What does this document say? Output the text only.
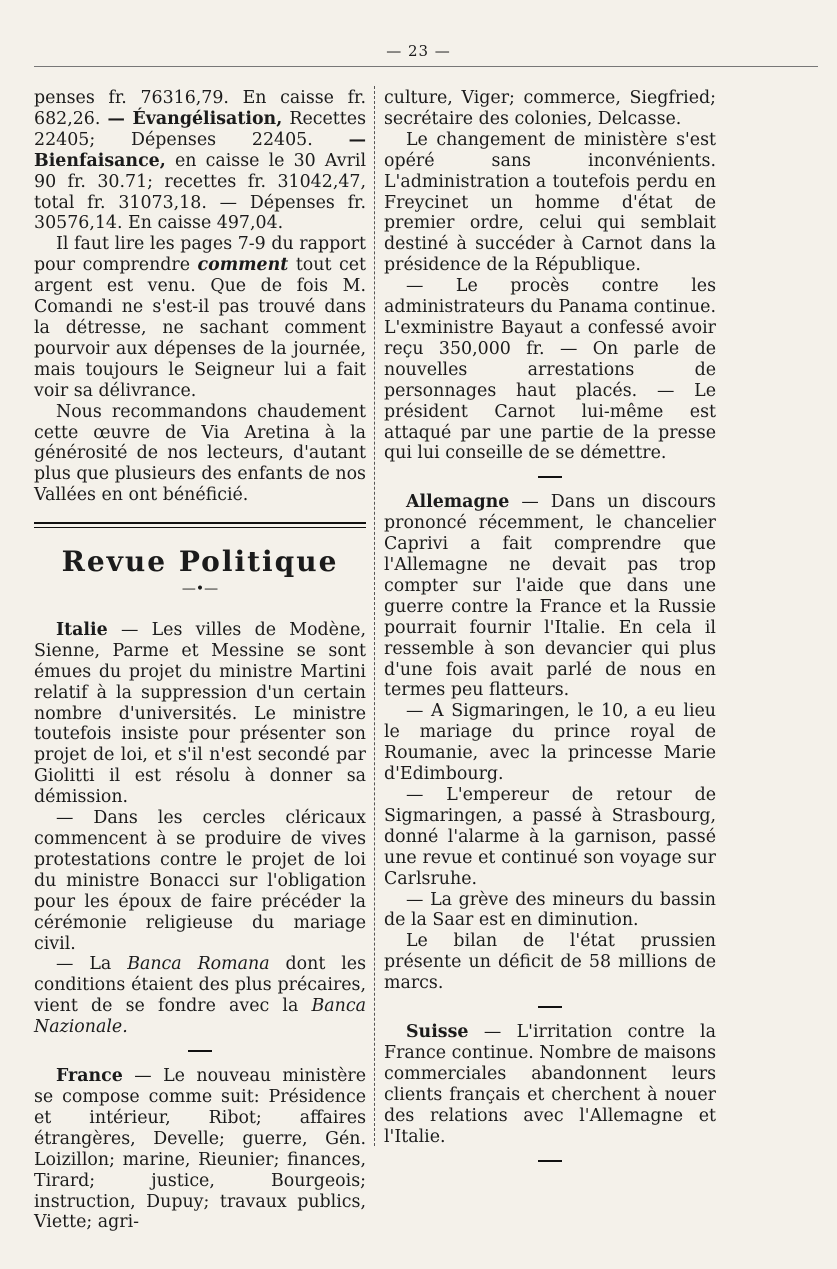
— 23 —

penses fr. 76316,79. En caisse fr. 682,26. — Évangélisation, Recettes 22405; Dépenses 22405. — Bienfaisance, en caisse le 30 Avril 90 fr. 30.71; recettes fr. 31042,47, total fr. 31073,18. — Dépenses fr. 30576,14. En caisse 497,04.

Il faut lire les pages 7-9 du rapport pour comprendre comment tout cet argent est venu. Que de fois M. Comandi ne s'est-il pas trouvé dans la détresse, ne sachant comment pourvoir aux dépenses de la journée, mais toujours le Seigneur lui a fait voir sa délivrance.

Nous recommandons chaudement cette œuvre de Via Aretina à la générosité de nos lecteurs, d'autant plus que plusieurs des enfants de nos Vallées en ont bénéficié.

Revue Politique
—•—

Italie — Les villes de Modène, Sienne, Parme et Messine se sont émues du projet du ministre Martini relatif à la suppression d'un certain nombre d'universités. Le ministre toutefois insiste pour présenter son projet de loi, et s'il n'est secondé par Giolitti il est résolu à donner sa démission.

— Dans les cercles cléricaux commencent à se produire de vives protestations contre le projet de loi du ministre Bonacci sur l'obligation pour les époux de faire précéder la cérémonie religieuse du mariage civil.

— La Banca Romana dont les conditions étaient des plus précaires, vient de se fondre avec la Banca Nazionale.

France — Le nouveau ministère se compose comme suit: Présidence et intérieur, Ribot; affaires étrangères, Develle; guerre, Gén. Loizillon; marine, Rieunier; finances, Tirard; justice, Bourgeois; instruction, Dupuy; travaux publics, Viette; agri-

culture, Viger; commerce, Siegfried; secrétaire des colonies, Delcasse.

Le changement de ministère s'est opéré sans inconvénients. L'administration a toutefois perdu en Freycinet un homme d'état de premier ordre, celui qui semblait destiné à succéder à Carnot dans la présidence de la République.

— Le procès contre les administrateurs du Panama continue. L'exministre Bayaut a confessé avoir reçu 350,000 fr. — On parle de nouvelles arrestations de personnages haut placés. — Le président Carnot lui-même est attaqué par une partie de la presse qui lui conseille de se démettre.

Allemagne — Dans un discours prononcé récemment, le chancelier Caprivi a fait comprendre que l'Allemagne ne devait pas trop compter sur l'aide que dans une guerre contre la France et la Russie pourrait fournir l'Italie. En cela il ressemble à son devancier qui plus d'une fois avait parlé de nous en termes peu flatteurs.

— A Sigmaringen, le 10, a eu lieu le mariage du prince royal de Roumanie, avec la princesse Marie d'Edimbourg.

— L'empereur de retour de Sigmaringen, a passé à Strasbourg, donné l'alarme à la garnison, passé une revue et continué son voyage sur Carlsruhe.

— La grève des mineurs du bassin de la Saar est en diminution.

Le bilan de l'état prussien présente un déficit de 58 millions de marcs.

Suisse — L'irritation contre la France continue. Nombre de maisons commerciales abandonnent leurs clients français et cherchent à nouer des relations avec l'Allemagne et l'Italie.
